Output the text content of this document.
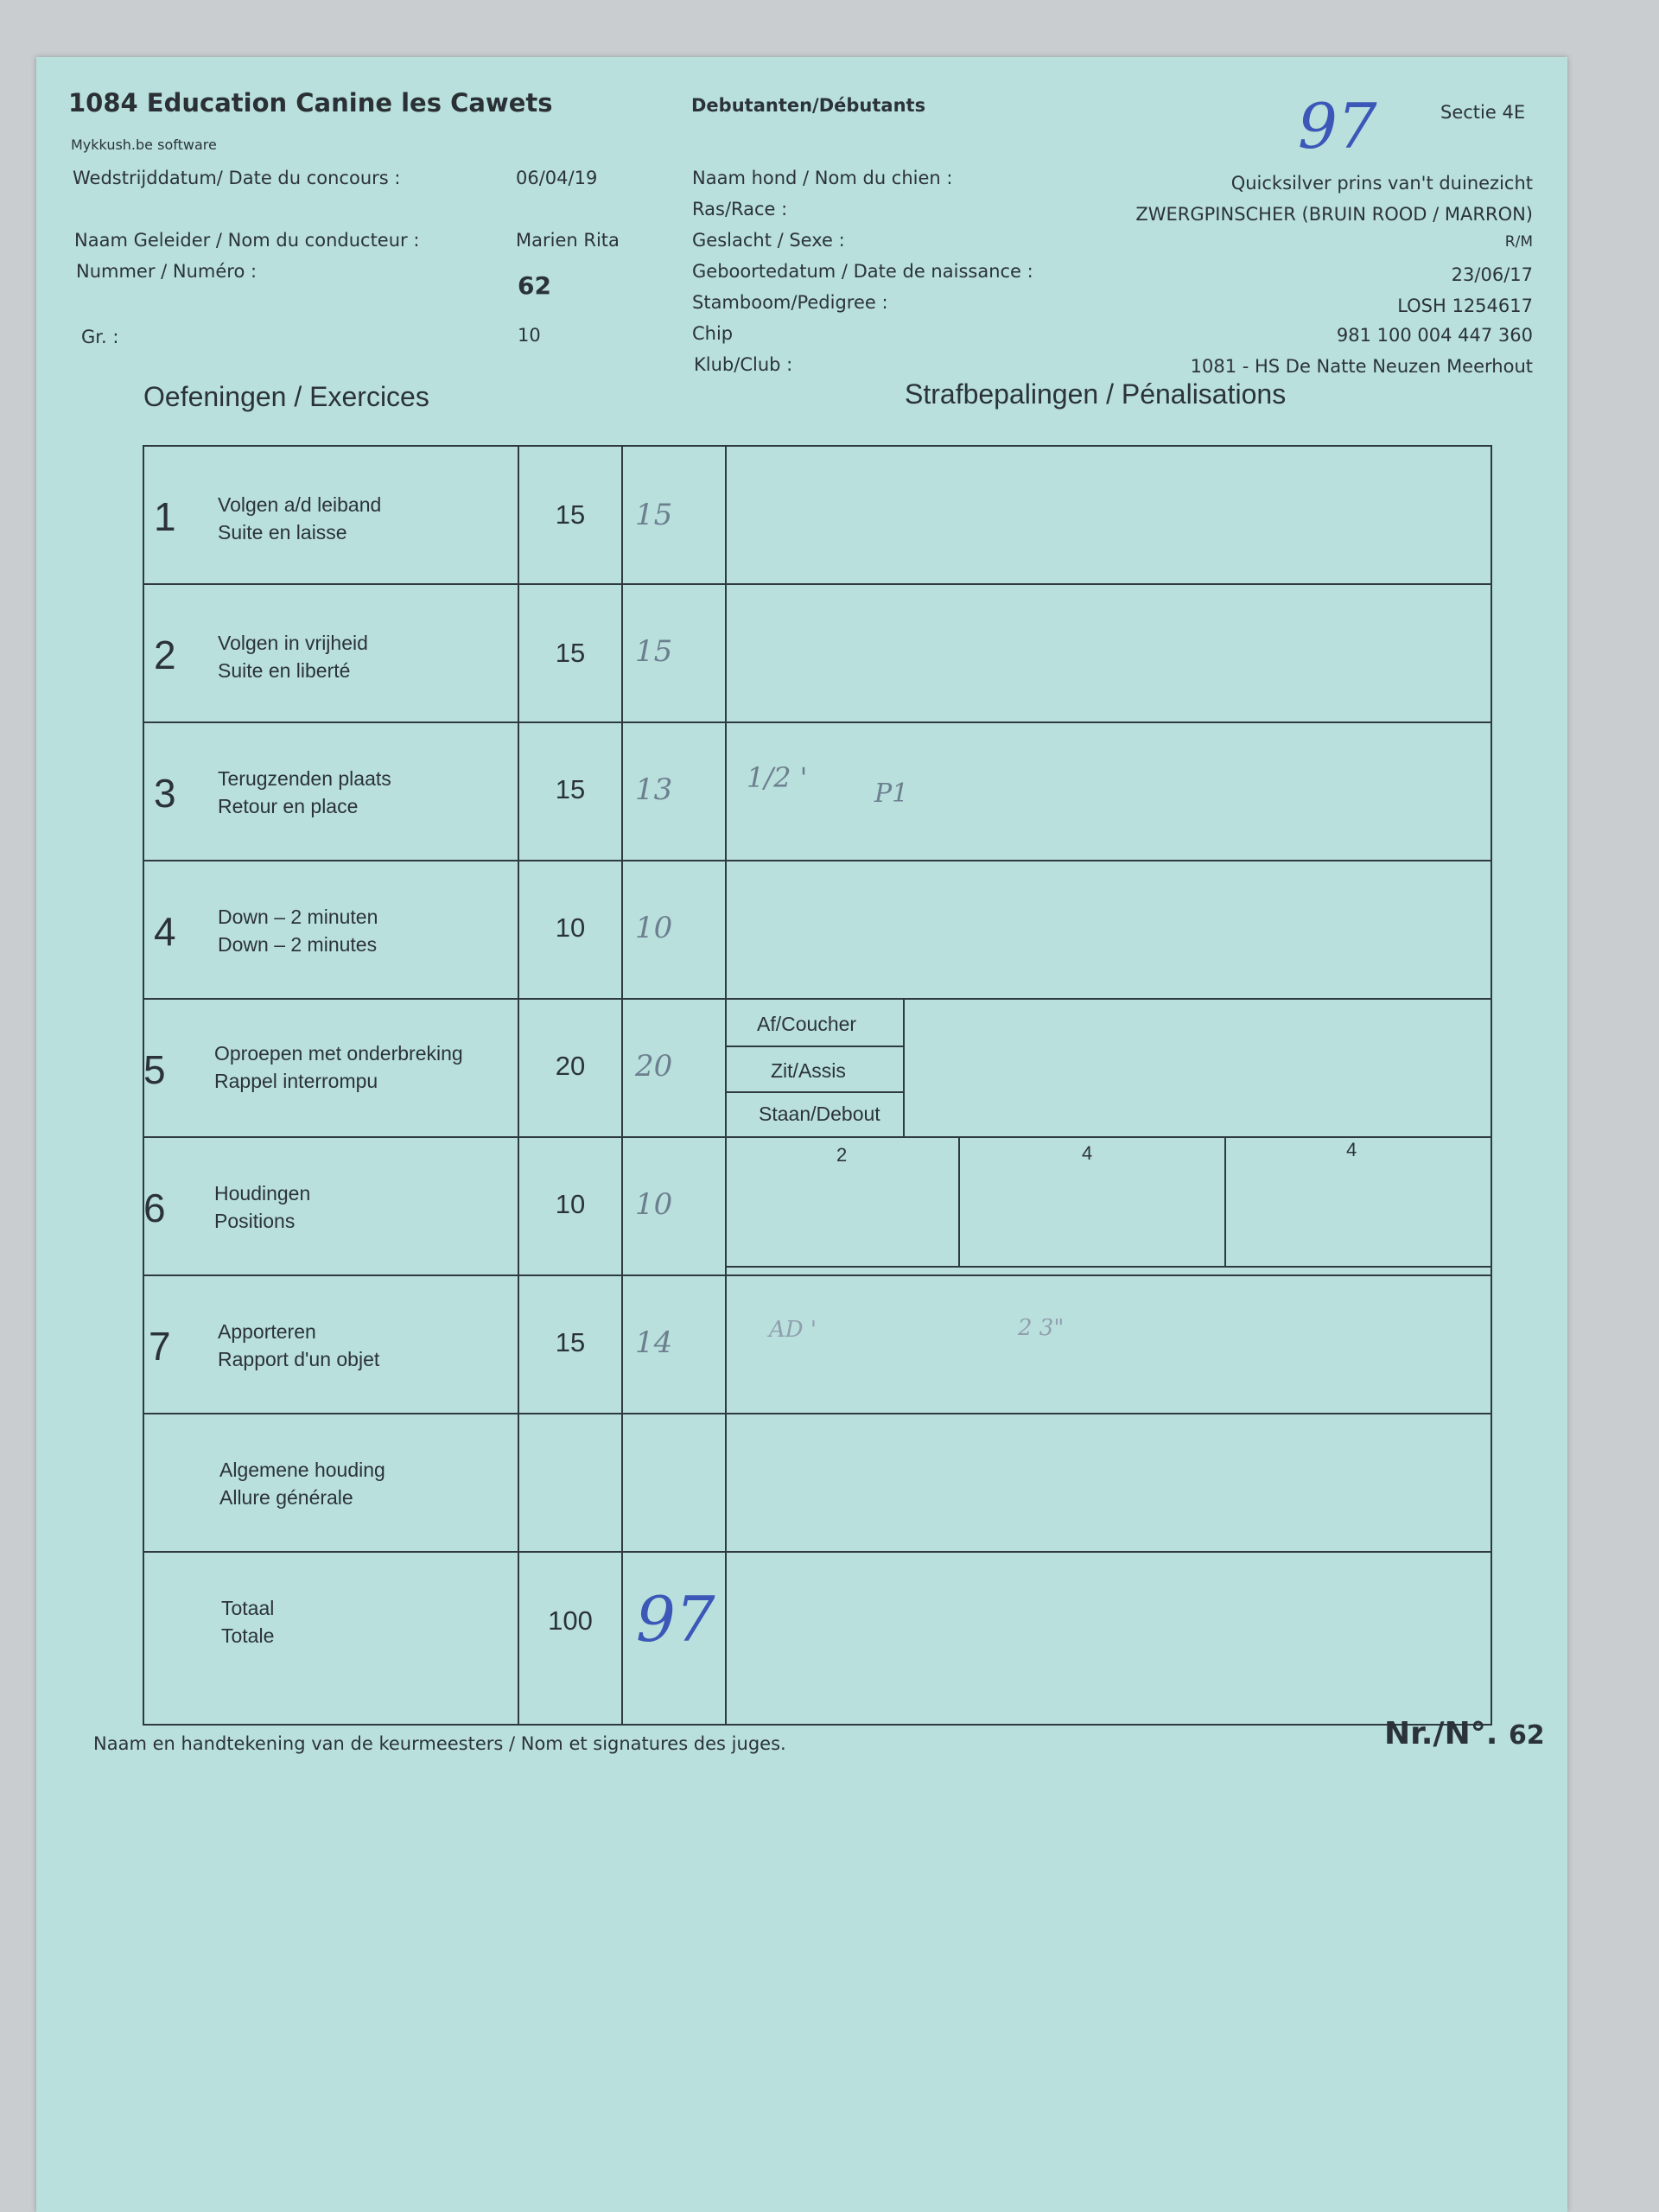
1084 Education Canine les Cawets
Mykkush.be software
Debutanten/Débutants	Sectie 4E
97
Wedstrijddatum/ Date du concours :	06/04/19
Naam Geleider / Nom du conducteur :	Marien Rita
Nummer / Numéro :	62
Gr. :	10
Naam hond / Nom du chien :	Quicksilver prins van't duinezicht
Ras/Race :	ZWERGPINSCHER (BRUIN ROOD / MARRON)
Geslacht / Sexe :	R/M
Geboortedatum / Date de naissance :	23/06/17
Stamboom/Pedigree :	LOSH 1254617
Chip	981 100 004 447 360
Klub/Club :	1081 - HS De Natte Neuzen Meerhout
Oefeningen / Exercices	Strafbepalingen / Pénalisations
1 Volgen a/d leiband
Suite en laisse
15	15
2 Volgen in vrijheid
Suite en liberté
15	15
3 Terugzenden plaats
Retour en place
15	13	1/2 '	P1
4 Down – 2 minuten
Down – 2 minutes
10	10
5 Oproepen met onderbreking
Rappel interrompu	20	20
Af/Coucher
Zit/Assis
Staan/Debout
6 Houdingen
Positions
10	10
2	4	4
7 Apporteren
Rapport d'un objet
15	14	AD '	2 3"
Algemene houding
Allure générale
Totaal
Totale	100 97
Naam en handtekening van de keurmeesters / Nom et signatures des juges.	Nr./N°. 62
